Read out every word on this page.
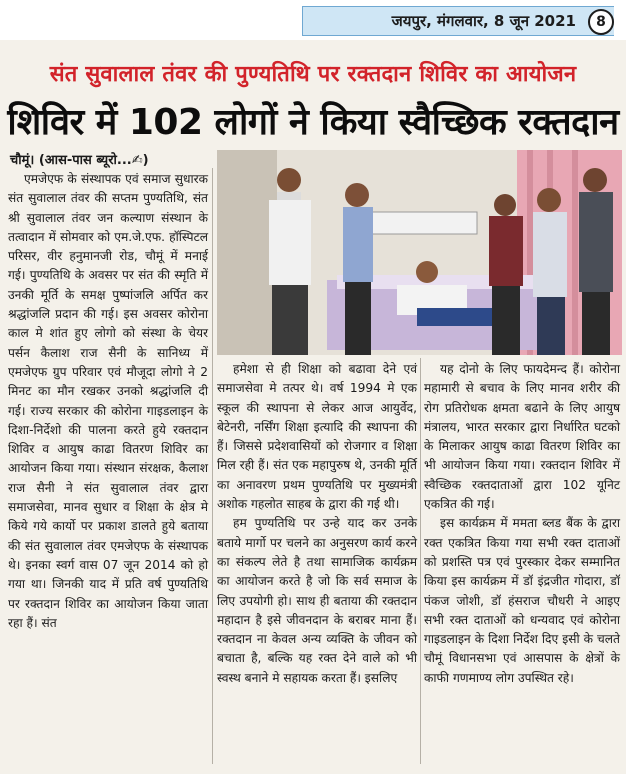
जयपुर, मंगलवार, 8 जून 2021	8
संत सुवालाल तंवर की पुण्यतिथि पर रक्तदान शिविर का आयोजन
शिविर में 102 लोगों ने किया स्वैच्छिक रक्तदान
चौमूं। (आस-पास ब्यूरो...✍)

एमजेएफ के संस्थापक एवं समाज सुधारक संत सुवालाल तंवर की सप्तम पुण्यतिथि, संत श्री सुवालाल तंवर जन कल्याण संस्थान के तत्वादान में सोमवार को एम.जे.एफ. हॉस्पिटल परिसर, वीर हनुमानजी रोड, चौमूं में मनाई गई। पुण्यतिथि के अवसर पर संत की स्मृति में उनकी मूर्ति के समक्ष पुष्पांजलि अर्पित कर श्रद्धांजलि प्रदान की गई। इस अवसर कोरोना काल मे शांत हुए लोगो को संस्था के चेयर पर्सन कैलाश राज सैनी के सानिध्य में एमजेएफ ग्रुप परिवार एवं मौजूदा लोगो ने 2 मिनट का मौन रखकर उनको श्रद्धांजलि दी गई। राज्य सरकार की कोरोना गाइडलाइन के दिशा-निर्देशो की पालना करते हुये रक्तदान शिविर व आयुष काढा वितरण शिविर का आयोजन किया गया। संस्थान संरक्षक, कैलाश राज सैनी ने संत सुवालाल तंवर द्वारा समाजसेवा, मानव सुधार व शिक्षा के क्षेत्र मे किये गये कार्यो पर प्रकाश डालते हुये बताया की संत सुवालाल तंवर एमजेएफ के संस्थापक थे। इनका स्वर्ग वास 07 जून 2014 को हो गया था। जिनकी याद में प्रति वर्ष पुण्यतिथि पर रक्तदान शिविर का आयोजन किया जाता रहा हैं। संत

हमेशा से ही शिक्षा को बढावा देने एवं समाजसेवा मे तत्पर थे। वर्ष 1994 मे एक स्कूल की स्थापना से लेकर आज आयुर्वेद, बेटेनरी, नर्सिंग शिक्षा इत्यादि की स्थापना की हैं। जिससे प्रदेशवासियों को रोजगार व शिक्षा मिल रही हैं। संत एक महापुरुष थे, उनकी मूर्ति का अनावरण प्रथम पुण्यतिथि पर मुख्यमंत्री अशोक गहलोत साहब के द्वारा की गई थी।

हम पुण्यतिथि पर उन्हे याद कर उनके बताये मार्गो पर चलने का अनुसरण कार्य करने का संकल्प लेते है तथा सामाजिक कार्यक्रम का आयोजन करते है जो कि सर्व समाज के लिए उपयोगी हो। साथ ही बताया की रक्तदान महादान है इसे जीवनदान के बराबर माना हैं। रक्तदान ना केवल अन्य व्यक्ति के जीवन को बचाता है, बल्कि यह रक्त देने वाले को भी स्वस्थ बनाने मे सहायक करता हैं। इसलिए

यह दोनो के लिए फायदेमन्द हैं। कोरोना महामारी से बचाव के लिए मानव शरीर की रोग प्रतिरोधक क्षमता बढाने के लिए आयुष मंत्रालय, भारत सरकार द्वारा निर्धारित घटको के मिलाकर आयुष काढा वितरण शिविर का भी आयोजन किया गया। रक्तदान शिविर में स्वैच्छिक रक्तदाताओं द्वारा 102 यूनिट एकत्रित की गई।

इस कार्यक्रम में ममता ब्लड बैंक के द्वारा रक्त एकत्रित किया गया सभी रक्त दाताओं को प्रशस्ति पत्र एवं पुरस्कार देकर सम्मानित किया इस कार्यक्रम में डॉ इंद्रजीत गोदारा, डॉ पंकज जोशी, डॉ हंसराज चौधरी ने आइए सभी रक्त दाताओं को धन्यवाद एवं कोरोना गाइडलाइन के दिशा निर्देश दिए इसी के चलते चौमूं विधानसभा एवं आसपास के क्षेत्रों के काफी गणमाण्य लोग उपस्थित रहे।
